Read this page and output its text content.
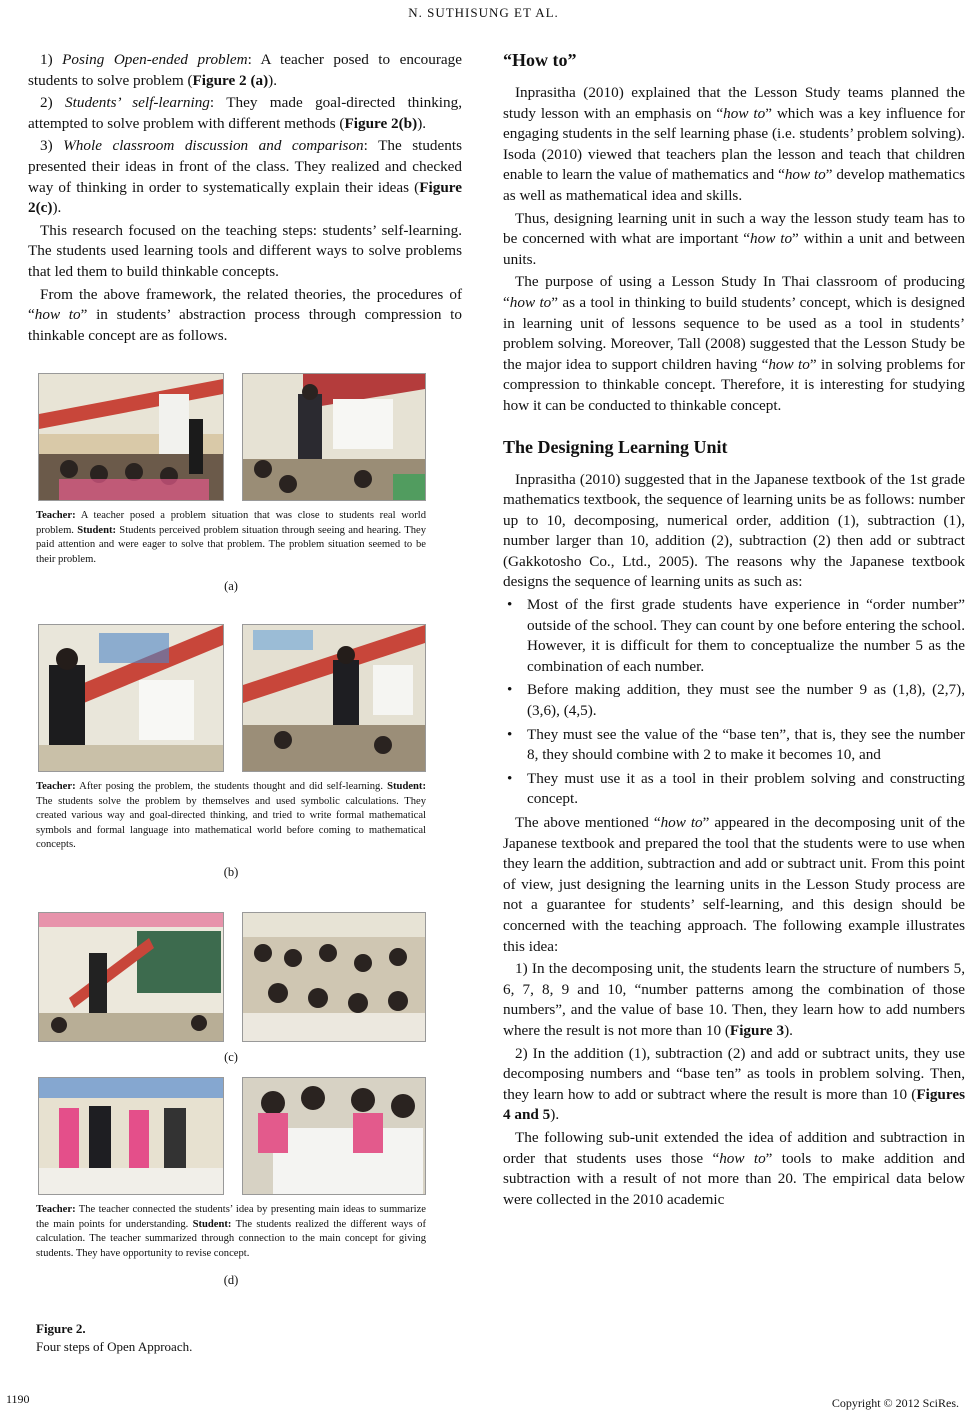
N. SUTHISUNG ET AL.

1) Posing Open-ended problem: A teacher posed to encourage students to solve problem (Figure 2 (a)).

2) Students’ self-learning: They made goal-directed thinking, attempted to solve problem with different methods (Figure 2(b)).

3) Whole classroom discussion and comparison: The students presented their ideas in front of the class. They realized and checked way of thinking in order to systematically explain their ideas (Figure 2(c)).

This research focused on the teaching steps: students’ self-learning. The students used learning tools and different ways to solve problems that led them to build thinkable concepts.

From the above framework, the related theories, the procedures of “how to” in students’ abstraction process through compression to thinkable concept are as follows.

Teacher: A teacher posed a problem situation that was close to students real world problem. Student: Students perceived problem situation through seeing and hearing. They paid attention and were eager to solve that problem. The problem situation seemed to be their problem.
(a)
Teacher: After posing the problem, the students thought and did self-learning. Student: The students solve the problem by themselves and used symbolic calculations. They created various way and goal-directed thinking, and tried to write formal mathematical symbols and formal language into mathematical world before coming to mathematical concepts.
(b)
(c)
Teacher: The teacher connected the students’ idea by presenting main ideas to summarize the main points for understanding. Student: The students realized the different ways of calculation. The teacher summarized through connection to the main concept for giving students. They have opportunity to revise concept.
(d)
Figure 2.
Four steps of Open Approach.
“How to”

Inprasitha (2010) explained that the Lesson Study teams planned the study lesson with an emphasis on “how to” which was a key influence for engaging students in the self learning phase (i.e. students’ problem solving). Isoda (2010) viewed that teachers plan the lesson and teach that children enable to learn the value of mathematics and “how to” develop mathematics as well as mathematical idea and skills.

Thus, designing learning unit in such a way the lesson study team has to be concerned with what are important “how to” within a unit and between units.

The purpose of using a Lesson Study In Thai classroom of producing “how to” as a tool in thinking to build students’ concept, which is designed in learning unit of lessons sequence to be used as a tool in students’ problem solving. Moreover, Tall (2008) suggested that the Lesson Study be the major idea to support children having “how to” in solving problems for compression to thinkable concept. Therefore, it is interesting for studying how it can be conducted to thinkable concept.

The Designing Learning Unit

Inprasitha (2010) suggested that in the Japanese textbook of the 1st grade mathematics textbook, the sequence of learning units be as follows: number up to 10, decomposing, numerical order, addition (1), subtraction (1), number larger than 10, addition (2), subtraction (2) then add or subtract (Gakkotosho Co., Ltd., 2005). The reasons why the Japanese textbook designs the sequence of learning units as such as:

• Most of the first grade students have experience in “order number” outside of the school. They can count by one before entering the school. However, it is difficult for them to conceptualize the number 5 as the combination of each number.
• Before making addition, they must see the number 9 as (1,8), (2,7), (3,6), (4,5).
• They must see the value of the “base ten”, that is, they see the number 8, they should combine with 2 to make it becomes 10, and
• They must use it as a tool in their problem solving and constructing concept.

The above mentioned “how to” appeared in the decomposing unit of the Japanese textbook and prepared the tool that the students were to use when they learn the addition, subtraction and add or subtract unit. From this point of view, just designing the learning units in the Lesson Study process are not a guarantee for students’ self-learning, and this design should be concerned with the teaching approach. The following example illustrates this idea:

1) In the decomposing unit, the students learn the structure of numbers 5, 6, 7, 8, 9 and 10, “number patterns among the combination of those numbers”, and the value of base 10. Then, they learn how to add numbers where the result is not more than 10 (Figure 3).

2) In the addition (1), subtraction (2) and add or subtract units, they use decomposing numbers and “base ten” as tools in problem solving. Then, they learn how to add or subtract where the result is more than 10 (Figures 4 and 5).

The following sub-unit extended the idea of addition and subtraction in order that students uses those “how to” tools to make addition and subtraction with a result of not more than 20. The empirical data below were collected in the 2010 academic

1190	Copyright © 2012 SciRes.
